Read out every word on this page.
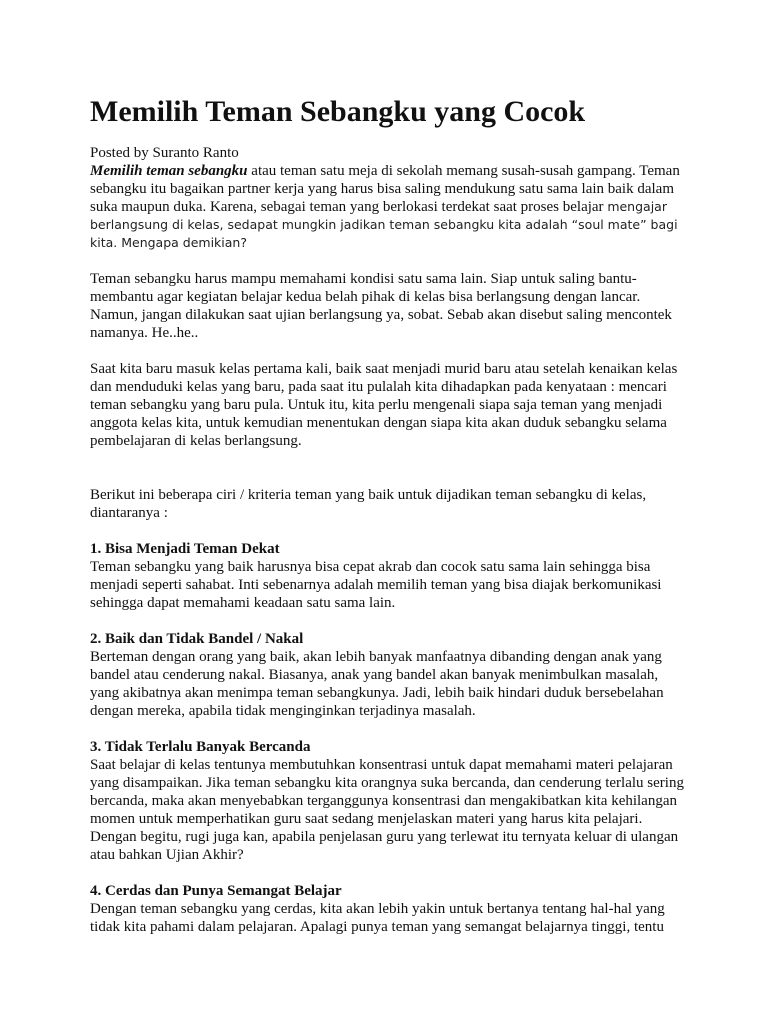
Memilih Teman Sebangku yang Cocok
Posted by Suranto Ranto

Memilih teman sebangku atau teman satu meja di sekolah memang susah-susah gampang. Teman sebangku itu bagaikan partner kerja yang harus bisa saling mendukung satu sama lain baik dalam suka maupun duka. Karena, sebagai teman yang berlokasi terdekat saat proses belajar mengajar berlangsung di kelas, sedapat mungkin jadikan teman sebangku kita adalah “soul mate” bagi kita. Mengapa demikian?

Teman sebangku harus mampu memahami kondisi satu sama lain. Siap untuk saling bantu-membantu agar kegiatan belajar kedua belah pihak di kelas bisa berlangsung dengan lancar. Namun, jangan dilakukan saat ujian berlangsung ya, sobat. Sebab akan disebut saling mencontek namanya. He..he..

Saat kita baru masuk kelas pertama kali, baik saat menjadi murid baru atau setelah kenaikan kelas dan menduduki kelas yang baru, pada saat itu pulalah kita dihadapkan pada kenyataan : mencari teman sebangku yang baru pula. Untuk itu, kita perlu mengenali siapa saja teman yang menjadi anggota kelas kita, untuk kemudian menentukan dengan siapa kita akan duduk sebangku selama pembelajaran di kelas berlangsung.

Berikut ini beberapa ciri / kriteria teman yang baik untuk dijadikan teman sebangku di kelas, diantaranya :

1. Bisa Menjadi Teman Dekat

Teman sebangku yang baik harusnya bisa cepat akrab dan cocok satu sama lain sehingga bisa menjadi seperti sahabat. Inti sebenarnya adalah memilih teman yang bisa diajak berkomunikasi sehingga dapat memahami keadaan satu sama lain.

2. Baik dan Tidak Bandel / Nakal

Berteman dengan orang yang baik, akan lebih banyak manfaatnya dibanding dengan anak yang bandel atau cenderung nakal. Biasanya, anak yang bandel akan banyak menimbulkan masalah, yang akibatnya akan menimpa teman sebangkunya. Jadi, lebih baik hindari duduk bersebelahan dengan mereka, apabila tidak menginginkan terjadinya masalah.

3. Tidak Terlalu Banyak Bercanda

Saat belajar di kelas tentunya membutuhkan konsentrasi untuk dapat memahami materi pelajaran yang disampaikan. Jika teman sebangku kita orangnya suka bercanda, dan cenderung terlalu sering bercanda, maka akan menyebabkan terganggunya konsentrasi dan mengakibatkan kita kehilangan momen untuk memperhatikan guru saat sedang menjelaskan materi yang harus kita pelajari. Dengan begitu, rugi juga kan, apabila penjelasan guru yang terlewat itu ternyata keluar di ulangan atau bahkan Ujian Akhir?

4. Cerdas dan Punya Semangat Belajar

Dengan teman sebangku yang cerdas, kita akan lebih yakin untuk bertanya tentang hal-hal yang tidak kita pahami dalam pelajaran. Apalagi punya teman yang semangat belajarnya tinggi, tentu
